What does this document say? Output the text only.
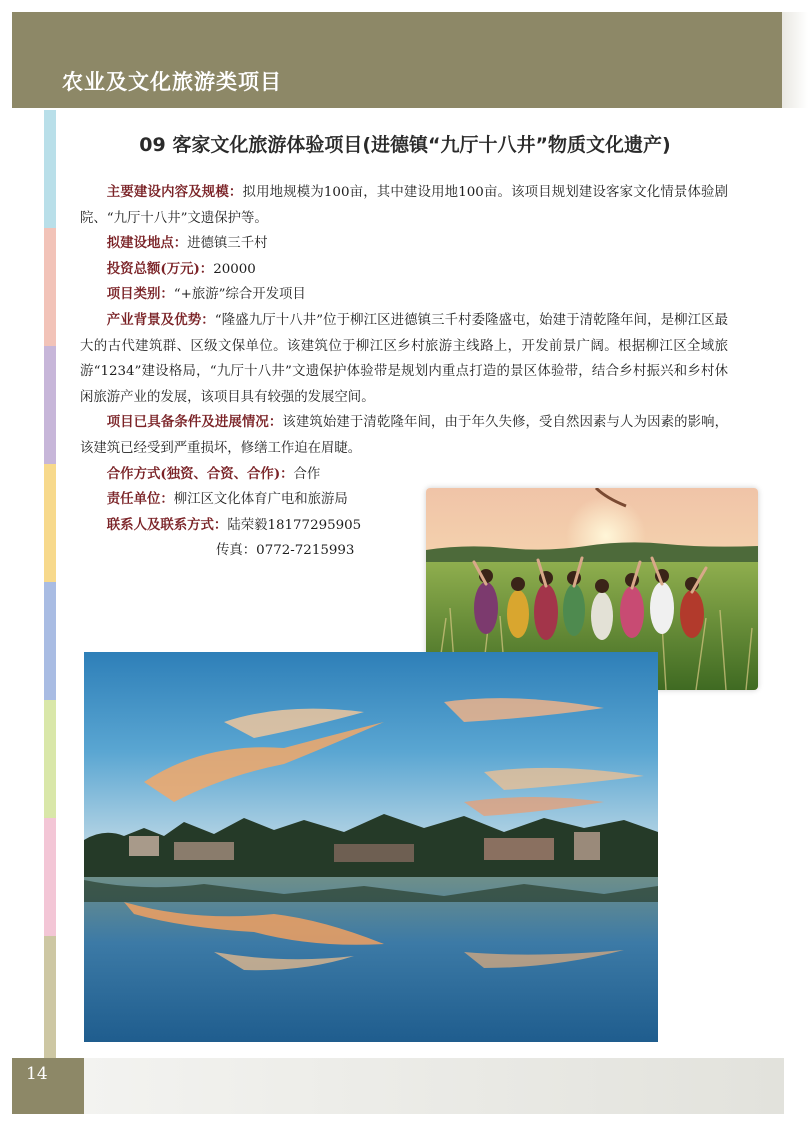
农业及文化旅游类项目
09 客家文化旅游体验项目(进德镇“九厅十八井”物质文化遗产)

主要建设内容及规模：拟用地规模为100亩，其中建设用地100亩。该项目规划建设客家文化情景体验剧院、“九厅十八井”文遗保护等。

拟建设地点：进德镇三千村

投资总额(万元)：20000

项目类别：“+旅游”综合开发项目

产业背景及优势：“隆盛九厅十八井”位于柳江区进德镇三千村委隆盛屯，始建于清乾隆年间，是柳江区最大的古代建筑群、区级文保单位。该建筑位于柳江区乡村旅游主线路上，开发前景广阔。根据柳江区全域旅游“1234”建设格局，“九厅十八井”文遗保护体验带是规划内重点打造的景区体验带，结合乡村振兴和乡村休闲旅游产业的发展，该项目具有较强的发展空间。

项目已具备条件及进展情况：该建筑始建于清乾隆年间，由于年久失修，受自然因素与人为因素的影响，该建筑已经受到严重损坏，修缮工作迫在眉睫。

合作方式(独资、合资、合作)：合作

责任单位：柳江区文化体育广电和旅游局

联系人及联系方式：陆荣毅18177295905

传真：0772-7215993

14
